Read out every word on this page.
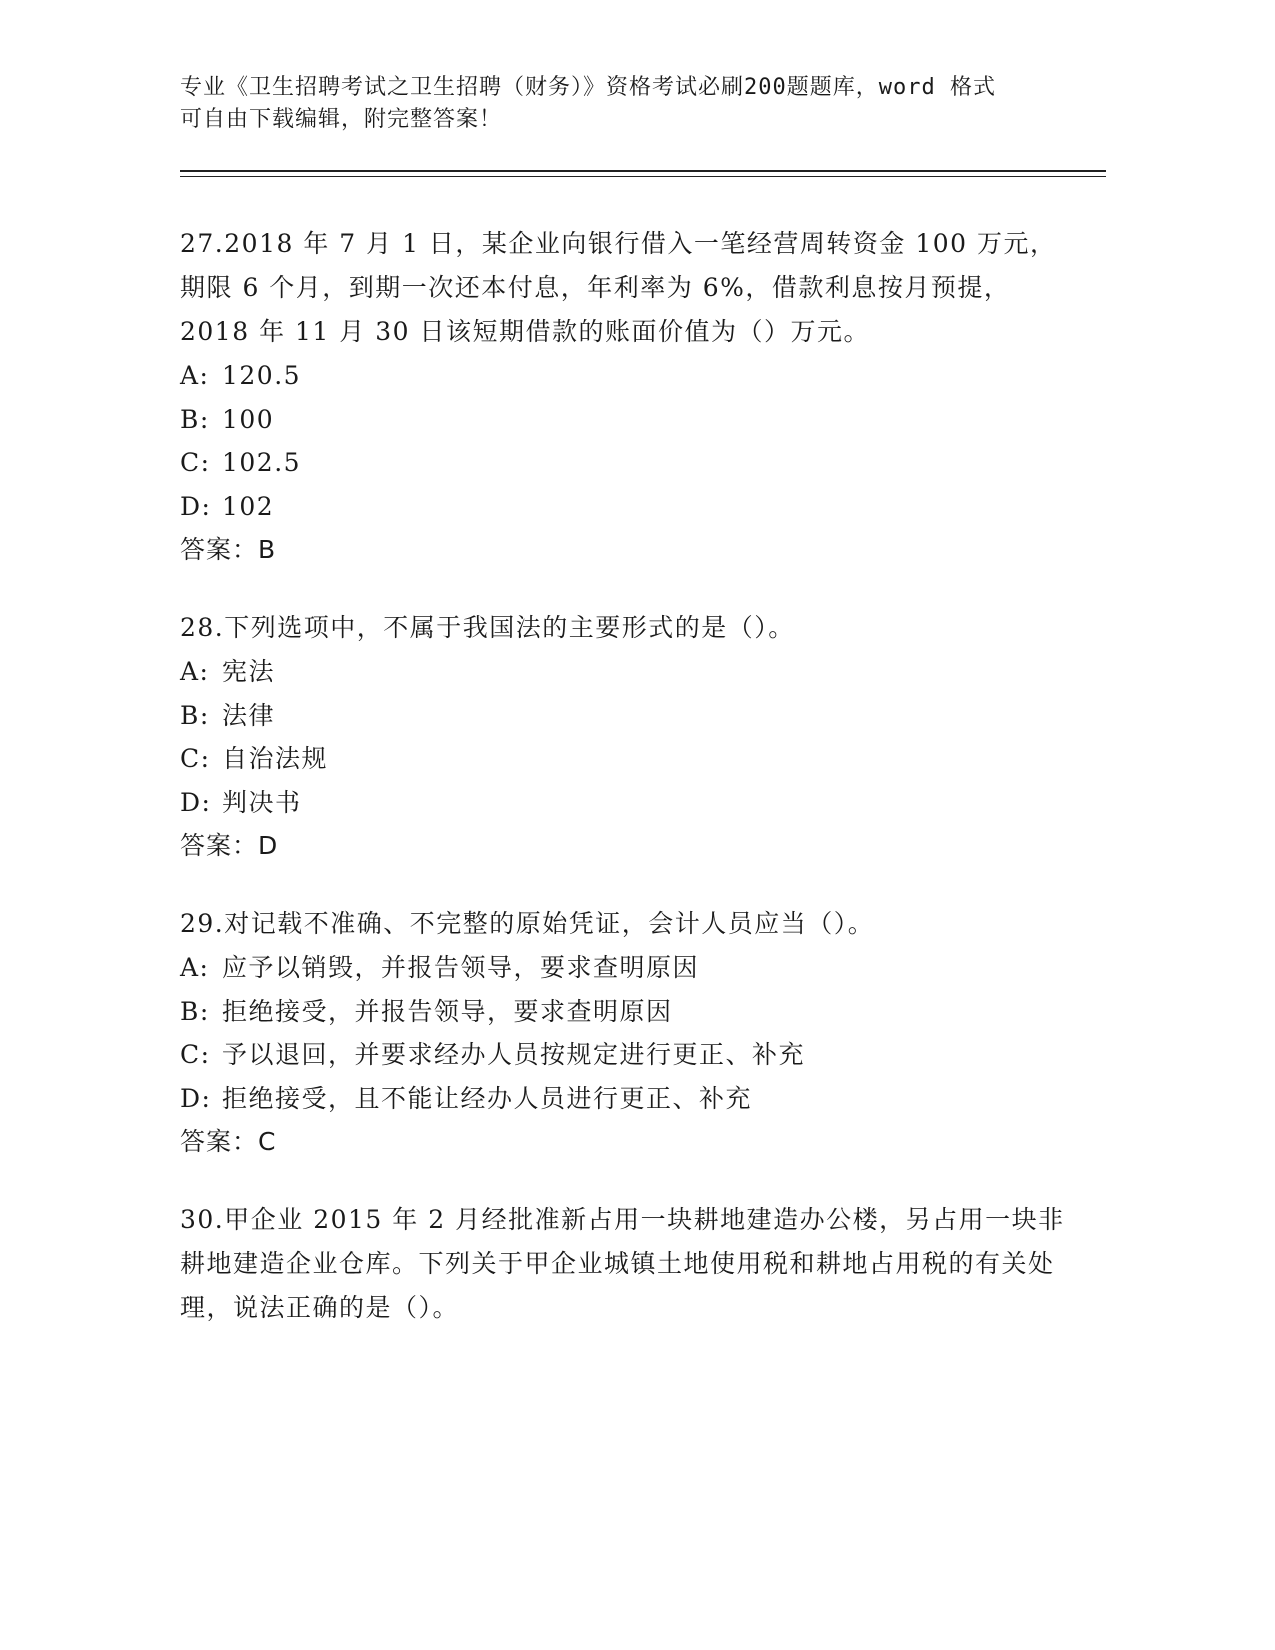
专业《卫生招聘考试之卫生招聘（财务）》资格考试必刷200题题库，word 格式

可自由下载编辑，附完整答案！

27.2018 年 7 月 1 日，某企业向银行借入一笔经营周转资金 100 万元，期限 6 个月，到期一次还本付息，年利率为 6%，借款利息按月预提，2018 年 11 月 30 日该短期借款的账面价值为（）万元。

A: 120.5

B: 100

C: 102.5

D: 102

答案：B

28.下列选项中，不属于我国法的主要形式的是（）。

A: 宪法

B: 法律

C: 自治法规

D: 判决书

答案：D

29.对记载不准确、不完整的原始凭证，会计人员应当（）。

A: 应予以销毁，并报告领导，要求查明原因

B: 拒绝接受，并报告领导，要求查明原因

C: 予以退回，并要求经办人员按规定进行更正、补充

D: 拒绝接受，且不能让经办人员进行更正、补充

答案：C

30.甲企业 2015 年 2 月经批准新占用一块耕地建造办公楼，另占用一块非耕地建造企业仓库。下列关于甲企业城镇土地使用税和耕地占用税的有关处理，说法正确的是（）。
